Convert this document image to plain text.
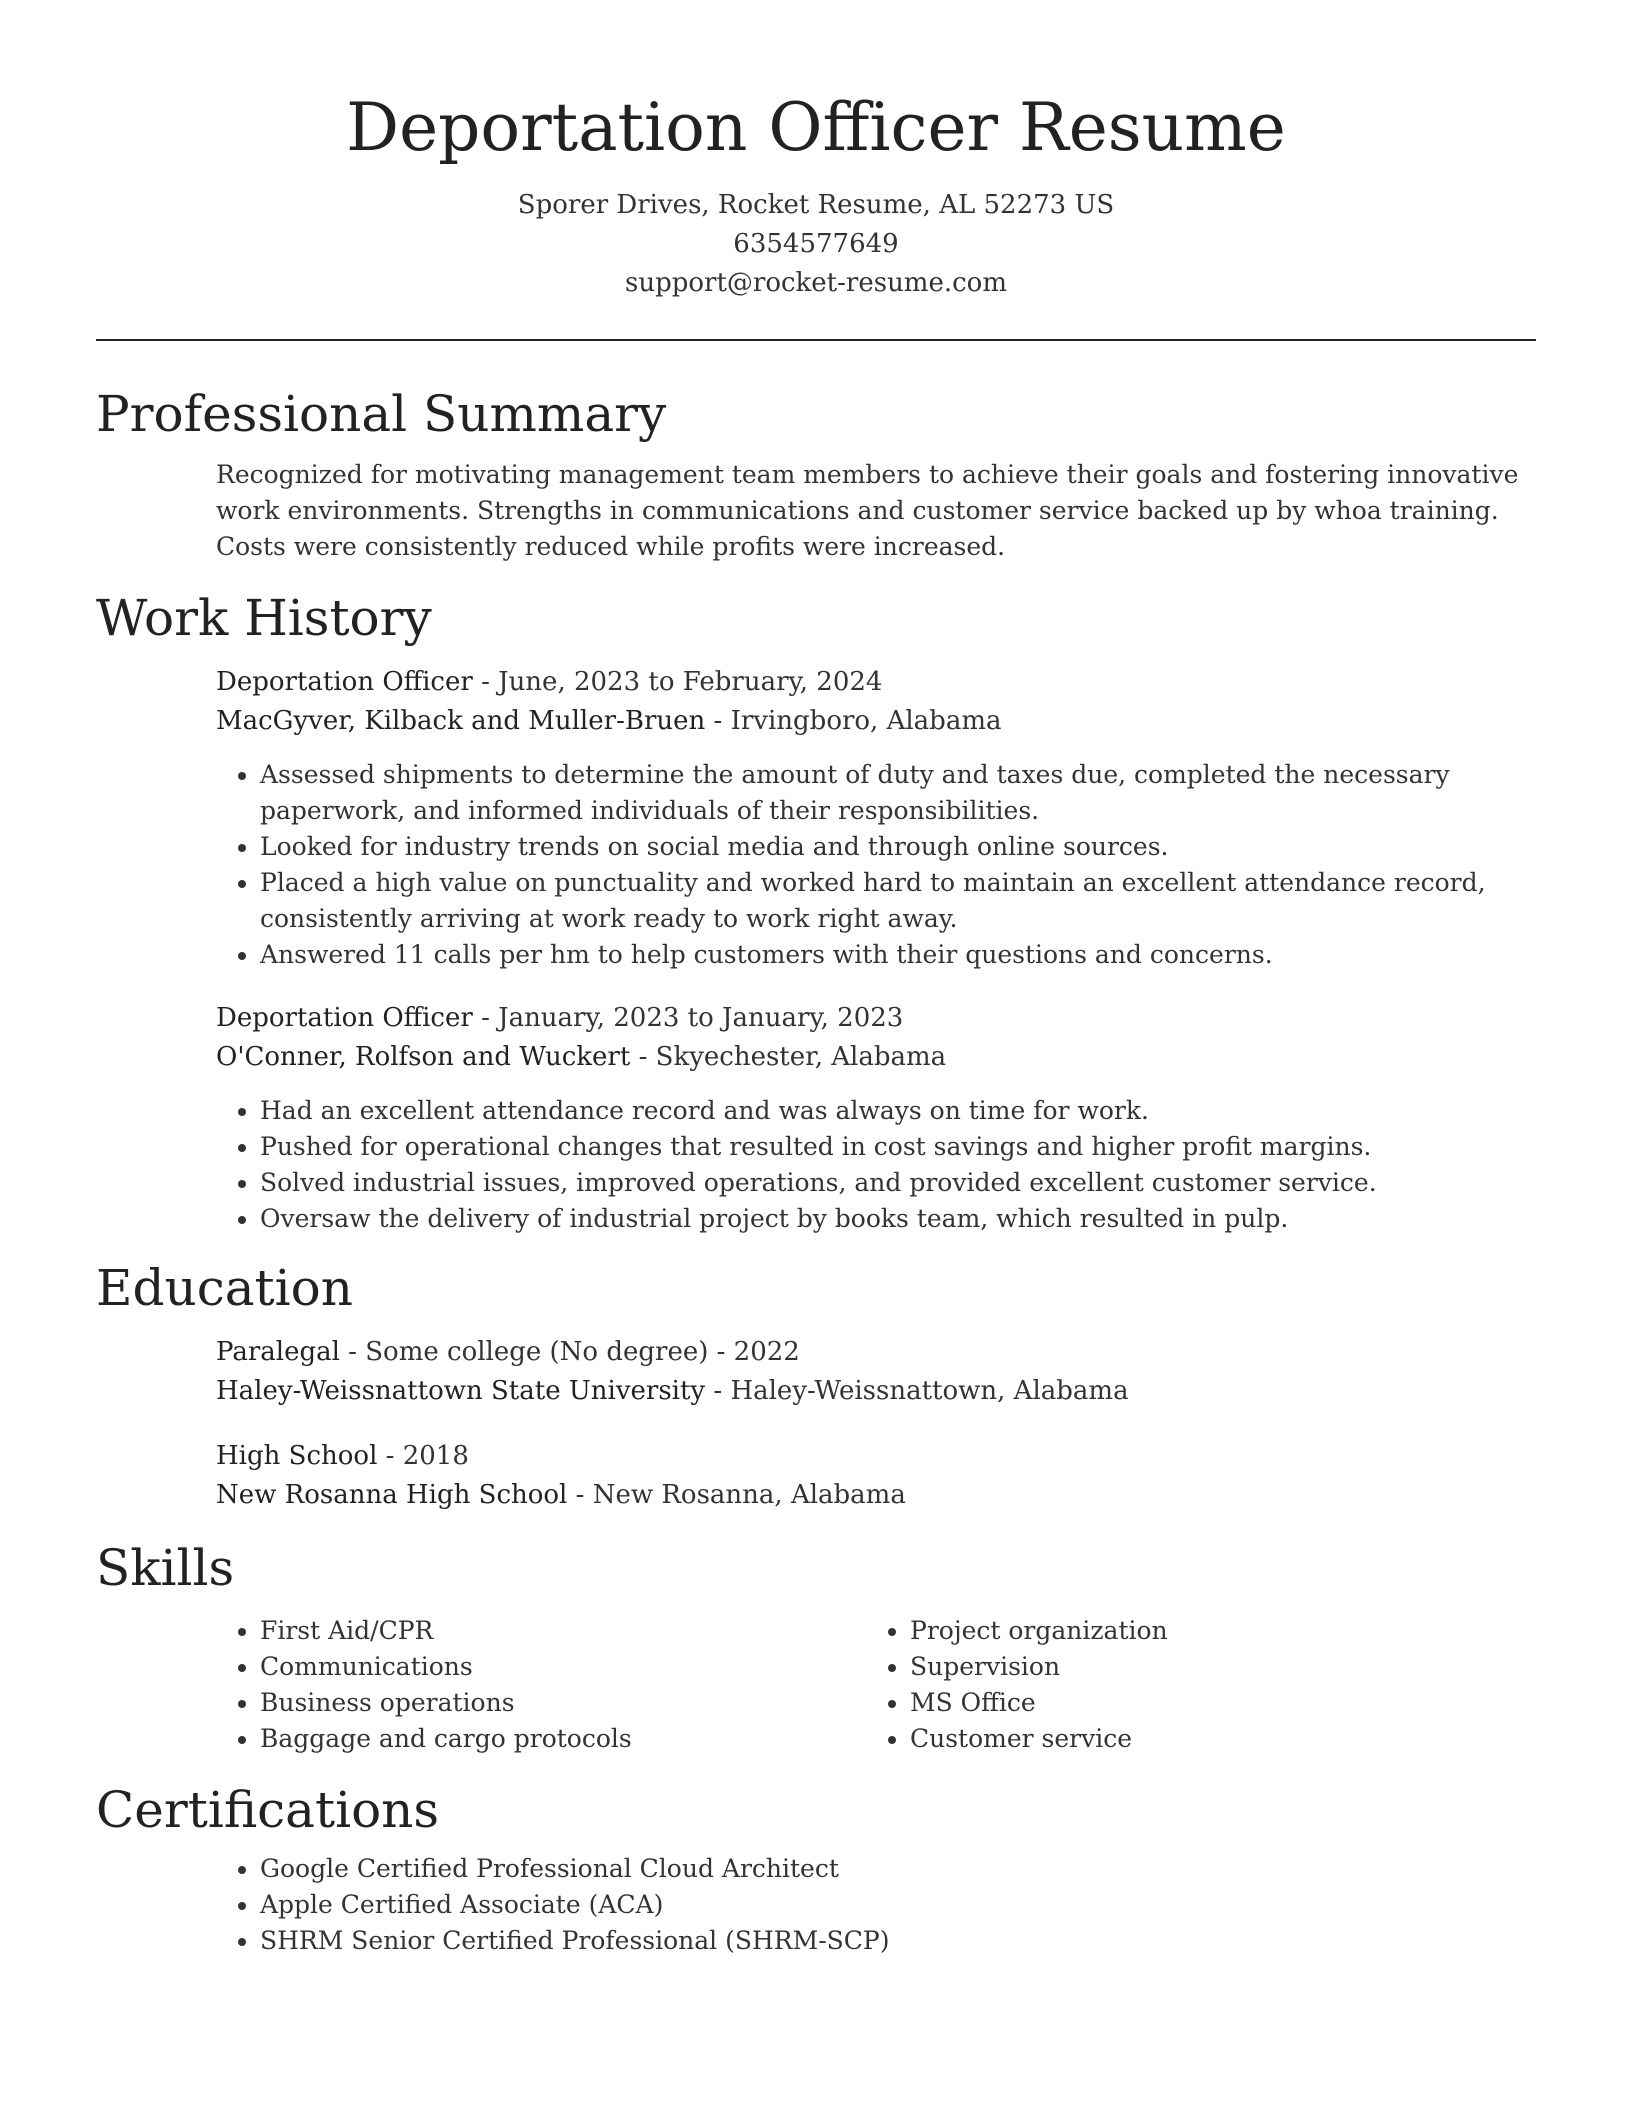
Deportation Officer Resume
Sporer Drives, Rocket Resume, AL 52273 US
6354577649
support@rocket-resume.com
Professional Summary
Recognized for motivating management team members to achieve their goals and fostering innovative work environments. Strengths in communications and customer service backed up by whoa training. Costs were consistently reduced while profits were increased.
Work History
Deportation Officer - June, 2023 to February, 2024
MacGyver, Kilback and Muller-Bruen - Irvingboro, Alabama
• Assessed shipments to determine the amount of duty and taxes due, completed the necessary paperwork, and informed individuals of their responsibilities.
• Looked for industry trends on social media and through online sources.
• Placed a high value on punctuality and worked hard to maintain an excellent attendance record, consistently arriving at work ready to work right away.
• Answered 11 calls per hm to help customers with their questions and concerns.
Deportation Officer - January, 2023 to January, 2023
O'Conner, Rolfson and Wuckert - Skyechester, Alabama
• Had an excellent attendance record and was always on time for work.
• Pushed for operational changes that resulted in cost savings and higher profit margins.
• Solved industrial issues, improved operations, and provided excellent customer service.
• Oversaw the delivery of industrial project by books team, which resulted in pulp.
Education
Paralegal - Some college (No degree) - 2022
Haley-Weissnattown State University - Haley-Weissnattown, Alabama
High School - 2018
New Rosanna High School - New Rosanna, Alabama
Skills
• First Aid/CPR
• Communications
• Business operations
• Baggage and cargo protocols
• Project organization
• Supervision
• MS Office
• Customer service
Certifications
• Google Certified Professional Cloud Architect
• Apple Certified Associate (ACA)
• SHRM Senior Certified Professional (SHRM-SCP)
